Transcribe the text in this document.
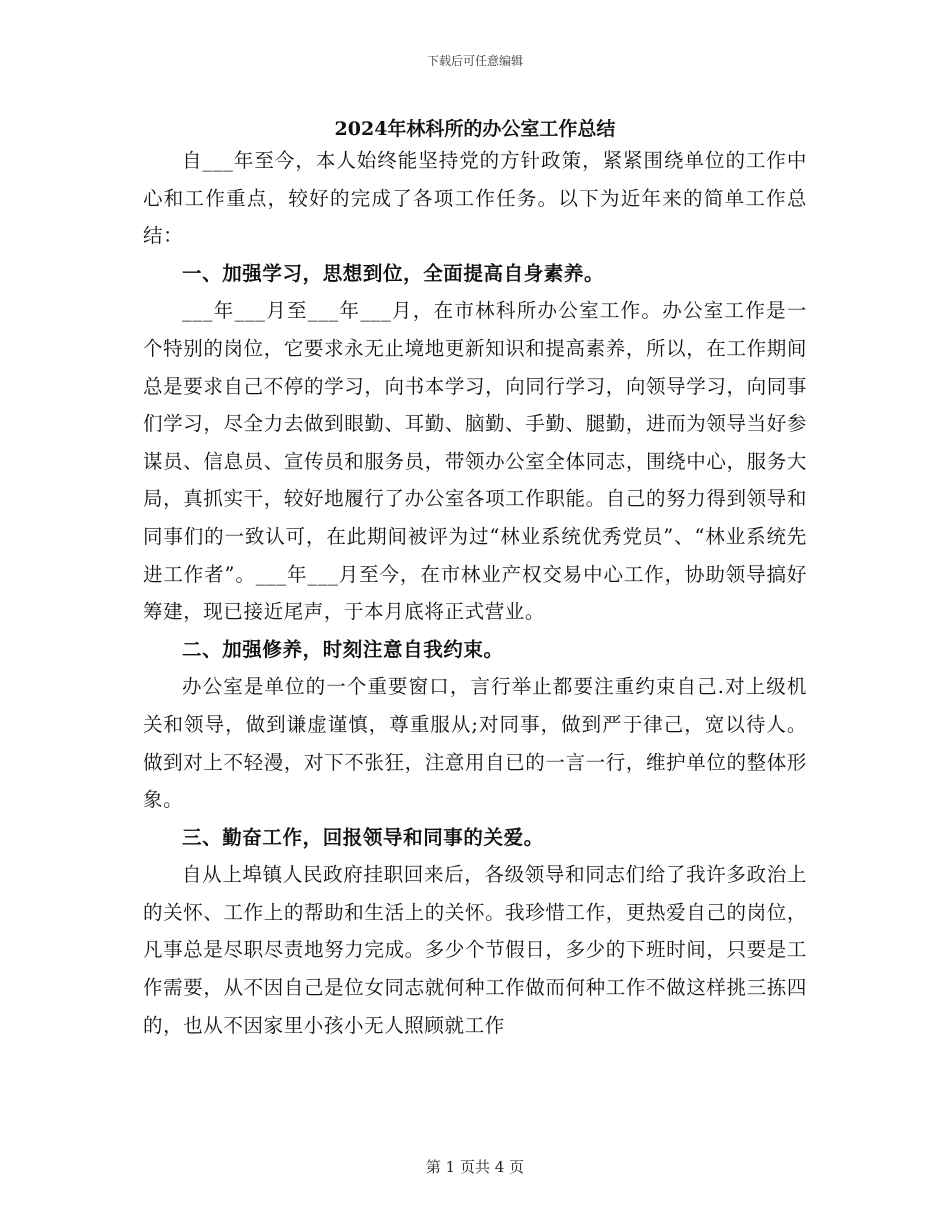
下载后可任意编辑
2024年林科所的办公室工作总结

自___年至今，本人始终能坚持党的方针政策，紧紧围绕单位的工作中心和工作重点，较好的完成了各项工作任务。以下为近年来的简单工作总结：

一、加强学习，思想到位，全面提高自身素养。

___年___月至___年___月，在市林科所办公室工作。办公室工作是一个特别的岗位，它要求永无止境地更新知识和提高素养，所以，在工作期间总是要求自己不停的学习，向书本学习，向同行学习，向领导学习，向同事们学习，尽全力去做到眼勤、耳勤、脑勤、手勤、腿勤，进而为领导当好参谋员、信息员、宣传员和服务员，带领办公室全体同志，围绕中心，服务大局，真抓实干，较好地履行了办公室各项工作职能。自己的努力得到领导和同事们的一致认可，在此期间被评为过“林业系统优秀党员”、“林业系统先进工作者”。___年___月至今，在市林业产权交易中心工作，协助领导搞好筹建，现已接近尾声，于本月底将正式营业。

二、加强修养，时刻注意自我约束。

办公室是单位的一个重要窗口，言行举止都要注重约束自己.对上级机关和领导，做到谦虚谨慎，尊重服从;对同事，做到严于律己，宽以待人。做到对上不轻漫，对下不张狂，注意用自已的一言一行，维护单位的整体形象。

三、勤奋工作，回报领导和同事的关爱。

自从上埠镇人民政府挂职回来后，各级领导和同志们给了我许多政治上的关怀、工作上的帮助和生活上的关怀。我珍惜工作，更热爱自己的岗位，凡事总是尽职尽责地努力完成。多少个节假日，多少的下班时间，只要是工作需要，从不因自己是位女同志就何种工作做而何种工作不做这样挑三拣四的，也从不因家里小孩小无人照顾就工作

第 1 页共 4 页
